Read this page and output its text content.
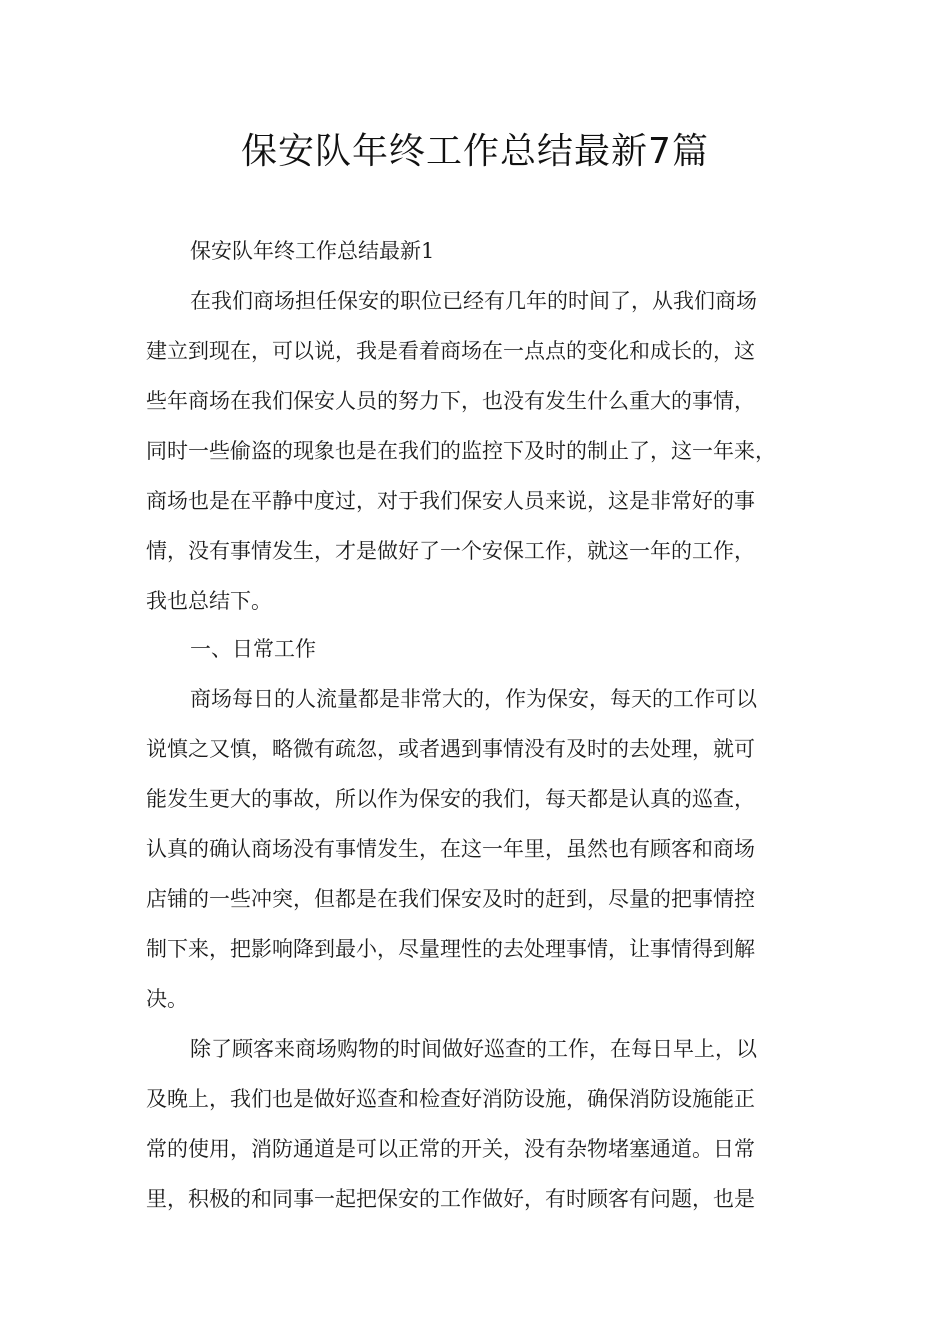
保安队年终工作总结最新7篇
保安队年终工作总结最新1
在我们商场担任保安的职位已经有几年的时间了，从我们商场
建立到现在，可以说，我是看着商场在一点点的变化和成长的，这
些年商场在我们保安人员的努力下，也没有发生什么重大的事情，
同时一些偷盗的现象也是在我们的监控下及时的制止了，这一年来，
商场也是在平静中度过，对于我们保安人员来说，这是非常好的事
情，没有事情发生，才是做好了一个安保工作，就这一年的工作，
我也总结下。
一、日常工作
商场每日的人流量都是非常大的，作为保安，每天的工作可以
说慎之又慎，略微有疏忽，或者遇到事情没有及时的去处理，就可
能发生更大的事故，所以作为保安的我们，每天都是认真的巡查，
认真的确认商场没有事情发生，在这一年里，虽然也有顾客和商场
店铺的一些冲突，但都是在我们保安及时的赶到，尽量的把事情控
制下来，把影响降到最小，尽量理性的去处理事情，让事情得到解
决。
除了顾客来商场购物的时间做好巡查的工作，在每日早上，以
及晚上，我们也是做好巡查和检查好消防设施，确保消防设施能正
常的使用，消防通道是可以正常的开关，没有杂物堵塞通道。日常
里，积极的和同事一起把保安的工作做好，有时顾客有问题，也是
